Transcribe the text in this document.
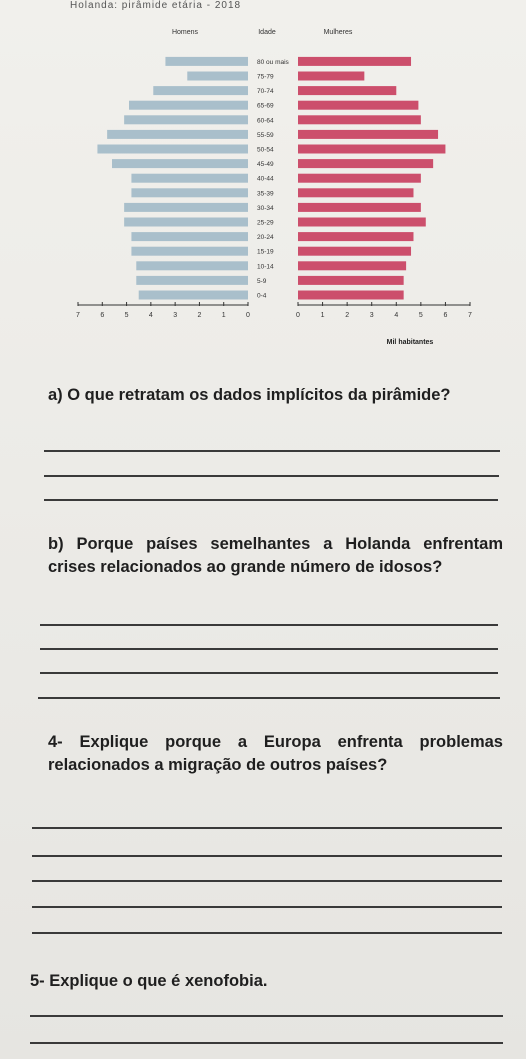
Holanda: pirâmide etária - 2018
Homens	Idade	Mulheres
0-4
5-9
10-14
15-19
20-24
25-29
30-34
35-39
40-44
45-49
50-54
55-59
60-64
65-69
70-74
75-79
80 ou mais
7	6	5	4	3	2	1	0	0	1	2	3	4	5	6	7
Mil habitantes
a) O que retratam os dados implícitos da pirâmide?
b) Porque países semelhantes a Holanda enfrentam crises relacionados ao grande número de idosos?
4- Explique porque a Europa enfrenta problemas relacionados a migração de outros países?
5- Explique o que é xenofobia.
